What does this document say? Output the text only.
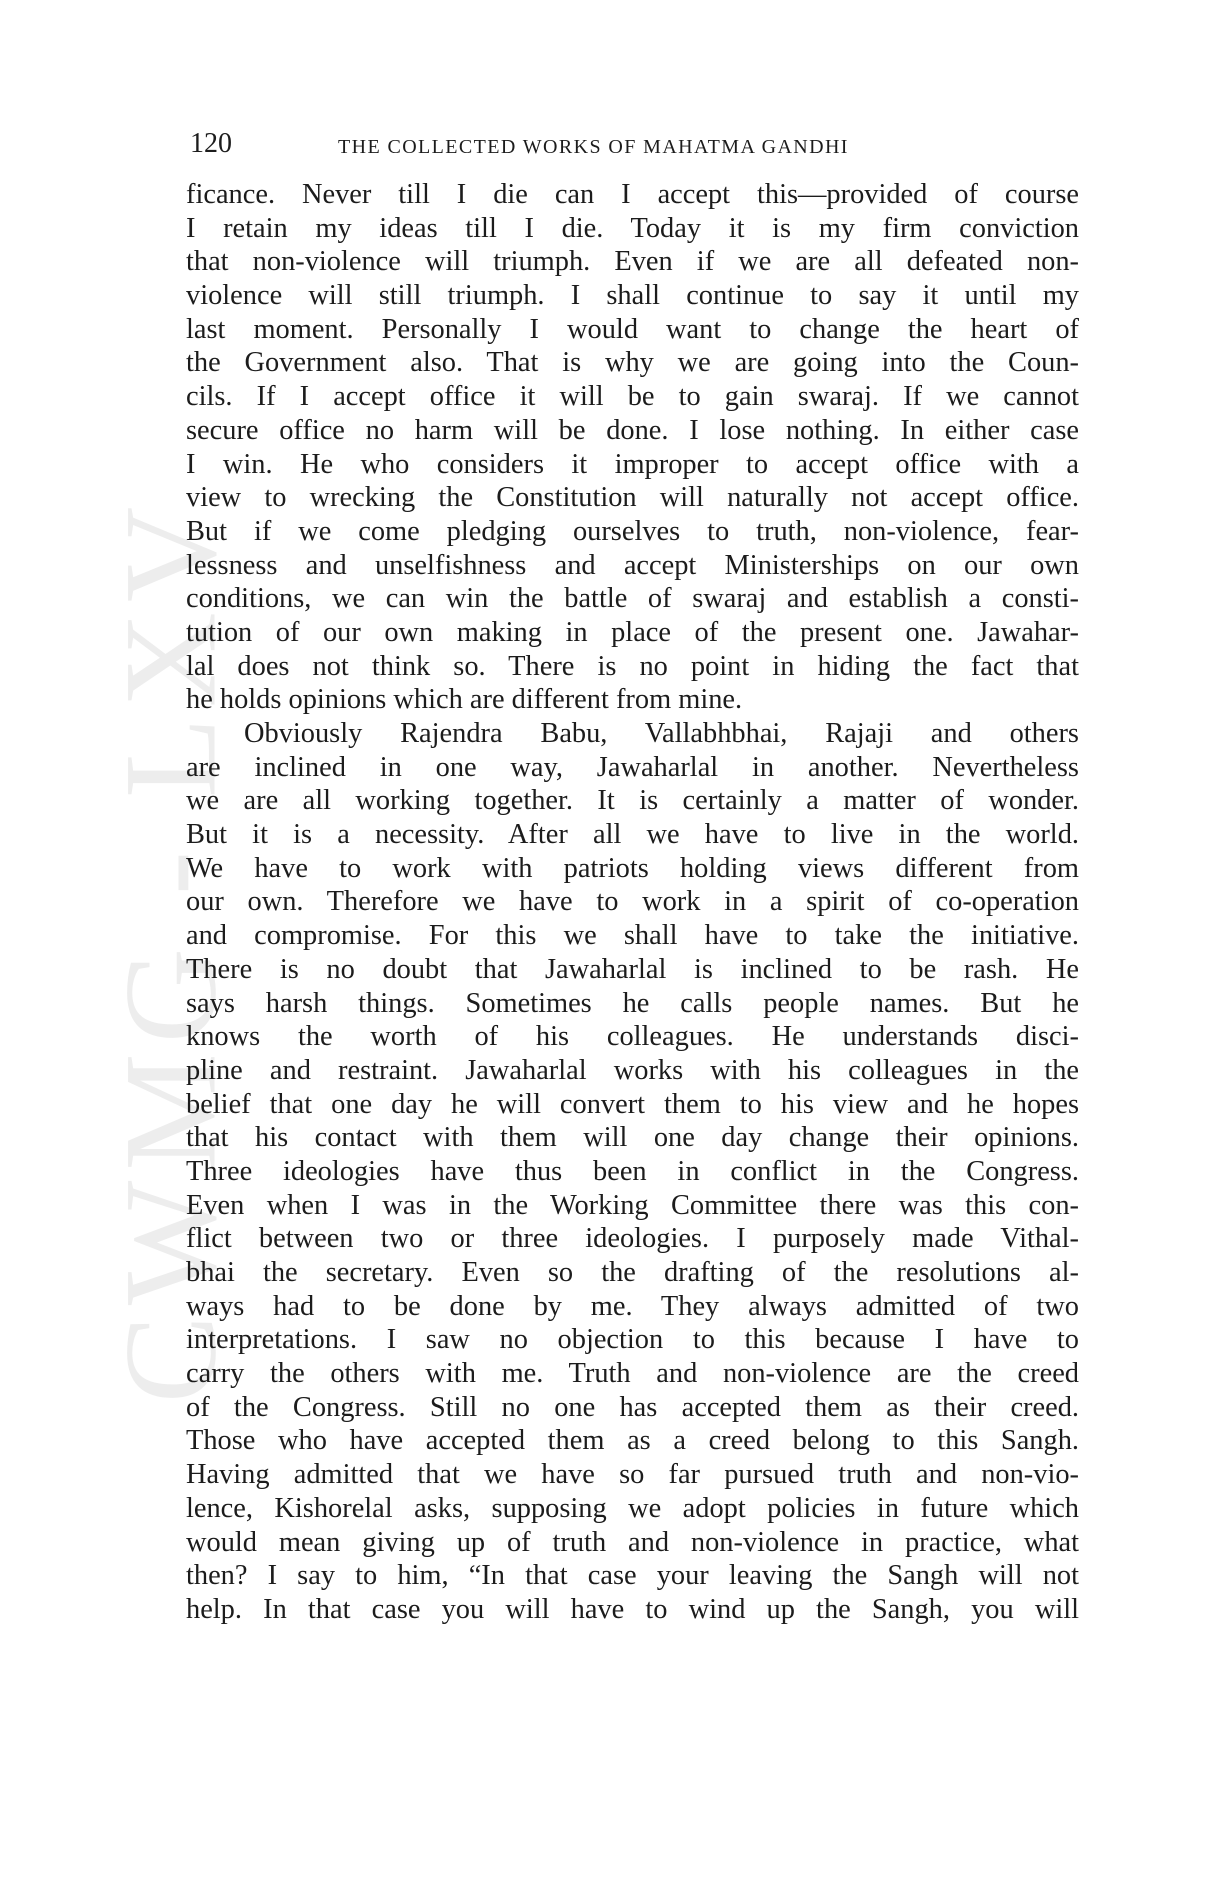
CWMG - LXV
120	THE COLLECTED WORKS OF MAHATMA GANDHI
ficance. Never till I die can I accept this—provided of course
I retain my ideas till I die. Today it is my firm conviction
that non-violence will triumph. Even if we are all defeated non-
violence will still triumph. I shall continue to say it until my
last moment. Personally I would want to change the heart of
the Government also. That is why we are going into the Coun-
cils. If I accept office it will be to gain swaraj. If we cannot
secure office no harm will be done. I lose nothing. In either case
I win. He who considers it improper to accept office with a
view to wrecking the Constitution will naturally not accept office.
But if we come pledging ourselves to truth, non-violence, fear-
lessness and unselfishness and accept Ministerships on our own
conditions, we can win the battle of swaraj and establish a consti-
tution of our own making in place of the present one. Jawahar-
lal does not think so. There is no point in hiding the fact that
he holds opinions which are different from mine.
Obviously Rajendra Babu, Vallabhbhai, Rajaji and others
are inclined in one way, Jawaharlal in another. Nevertheless
we are all working together. It is certainly a matter of wonder.
But it is a necessity. After all we have to live in the world.
We have to work with patriots holding views different from
our own. Therefore we have to work in a spirit of co-operation
and compromise. For this we shall have to take the initiative.
There is no doubt that Jawaharlal is inclined to be rash. He
says harsh things. Sometimes he calls people names. But he
knows the worth of his colleagues. He understands disci-
pline and restraint. Jawaharlal works with his colleagues in the
belief that one day he will convert them to his view and he hopes
that his contact with them will one day change their opinions.
Three ideologies have thus been in conflict in the Congress.
Even when I was in the Working Committee there was this con-
flict between two or three ideologies. I purposely made Vithal-
bhai the secretary. Even so the drafting of the resolutions al-
ways had to be done by me. They always admitted of two
interpretations. I saw no objection to this because I have to
carry the others with me. Truth and non-violence are the creed
of the Congress. Still no one has accepted them as their creed.
Those who have accepted them as a creed belong to this Sangh.
Having admitted that we have so far pursued truth and non-vio-
lence, Kishorelal asks, supposing we adopt policies in future which
would mean giving up of truth and non-violence in practice, what
then? I say to him, “In that case your leaving the Sangh will not
help. In that case you will have to wind up the Sangh, you will
